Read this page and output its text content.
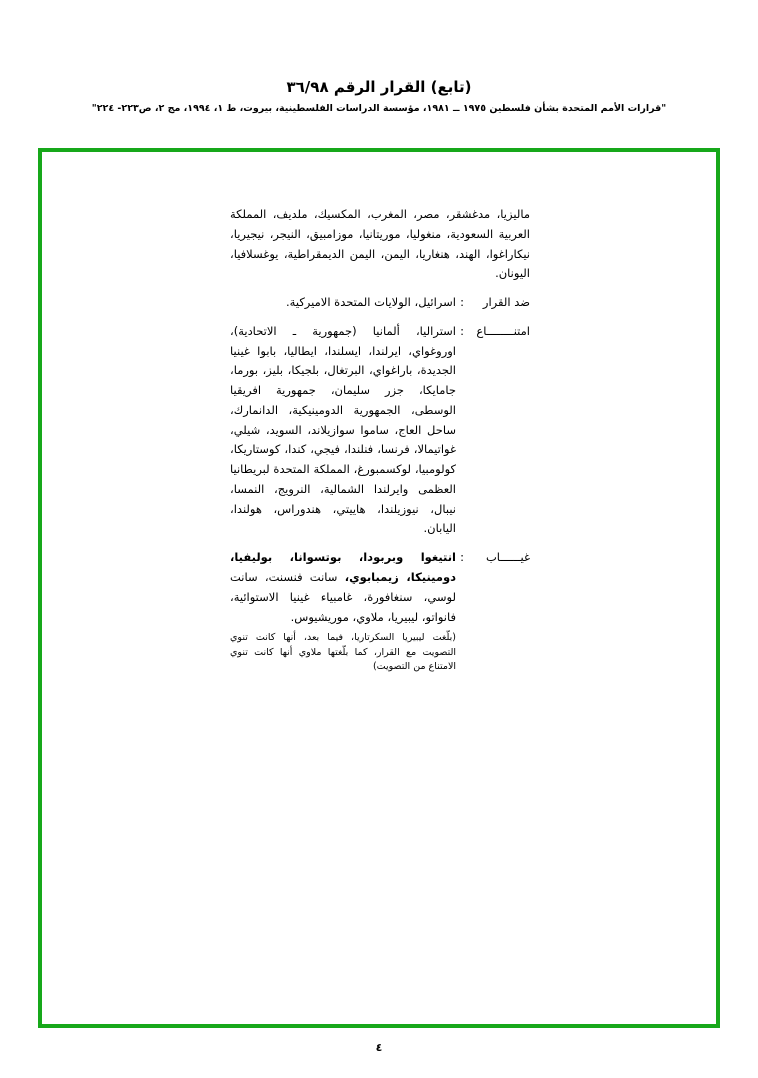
(تابع) القرار الرقم ٣٦/٩٨
"قرارات الأمم المتحدة بشأن فلسطين ١٩٧٥ ــ ١٩٨١، مؤسسة الدراسات الفلسطينية، بيروت، ط ١، ١٩٩٤، مج ٢، ص٢٢٣- ٢٢٤"
ماليزيا، مدغشقر، مصر، المغرب، المكسيك، ملديف، المملكة العربية السعودية، منغوليا، موريتانيا، موزامبيق، النيجر، نيجيريا، نيكاراغوا، الهند، هنغاريا، اليمن، اليمن الديمقراطية، يوغسلافيا، اليونان.
ضد القرار
:
اسرائيل، الولايات المتحدة الاميركية.
امتنــــــــاع
:
استراليا، ألمانيا (جمهورية ـ الاتحادية)، اوروغواي، ايرلندا، ايسلندا، ايطاليا، بابوا غينيا الجديدة، باراغواي، البرتغال، بلجيكا، بليز، بورما، جامايكا، جزر سليمان، جمهورية افريقيا الوسطى، الجمهورية الدومينيكية، الدانمارك، ساحل العاج، ساموا سوازيلاند، السويد، شيلي، غواتيمالا، فرنسا، فنلندا، فيجي، كندا، كوستاريكا، كولومبيا، لوكسمبورغ، المملكة المتحدة لبريطانيا العظمى وايرلندا الشمالية، النرويج، النمسا، نيبال، نيوزيلندا، هاييتي، هندوراس، هولندا، اليابان.
غيــــــاب
:
انتيغوا وبربودا، بوتسوانا، بوليفيا، دومينيكا، زيمبابوي، سانت فنسنت، سانت لوسي، سنغافورة، غامبياء غينيا الاستوائية، فانواتو، ليبيريا، ملاوي، موريشيوس.
(بلّغت ليبيريا السكرتاريا، فيما بعد، أنها كانت تنوي التصويت مع القرار، كما بلّغتها ملاوي أنها كانت تنوي الامتناع من التصويت)
٤
